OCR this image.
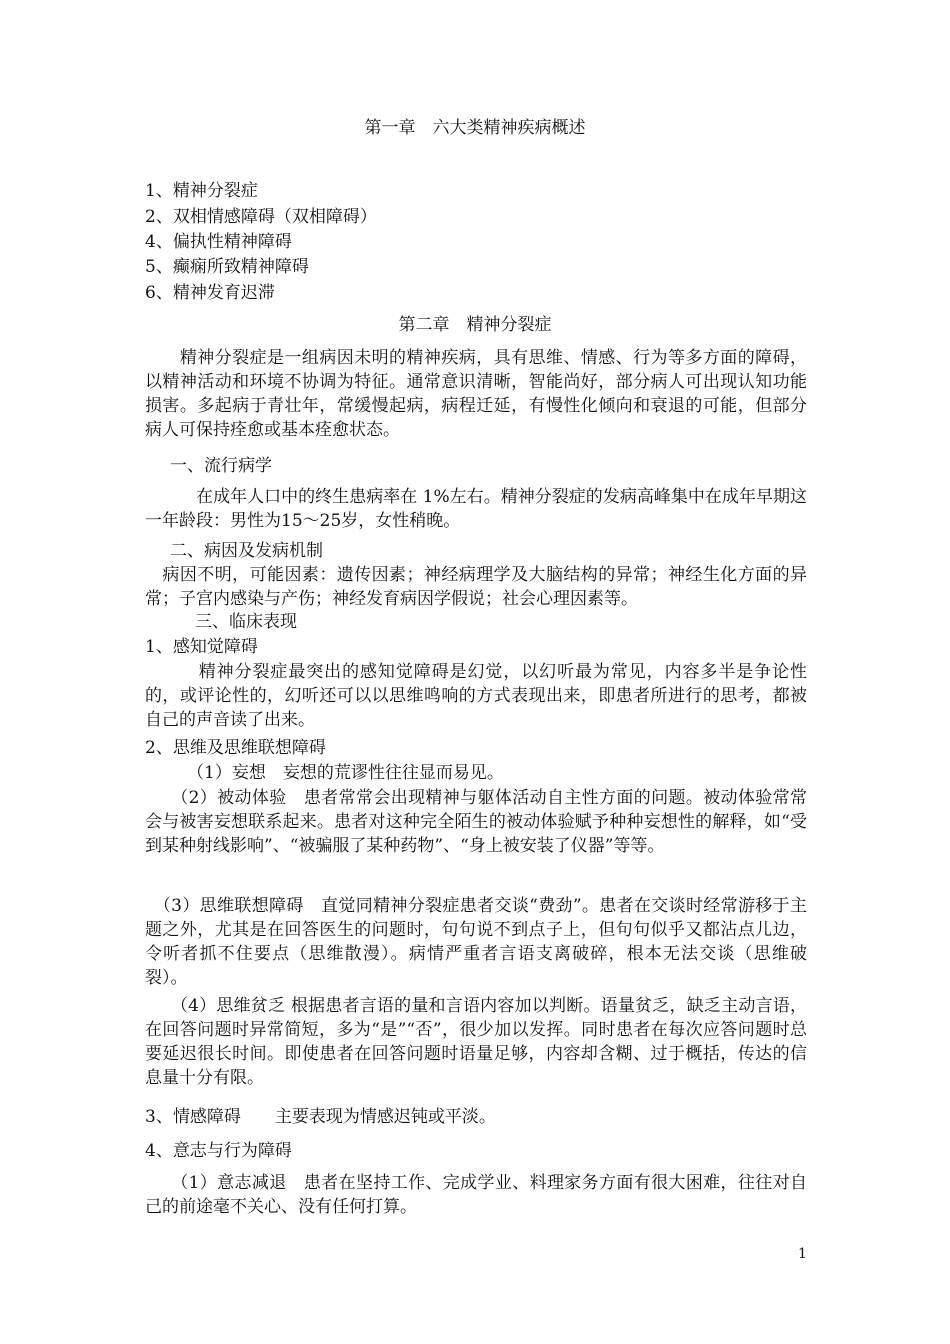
第一章　六大类精神疾病概述
1、精神分裂症
2、双相情感障碍（双相障碍）
4、偏执性精神障碍
5、癫痫所致精神障碍
6、精神发育迟滞
第二章　精神分裂症
　　精神分裂症是一组病因未明的精神疾病，具有思维、情感、行为等多方面的障碍，以精神活动和环境不协调为特征。通常意识清晰，智能尚好，部分病人可出现认知功能损害。多起病于青壮年，常缓慢起病，病程迁延，有慢性化倾向和衰退的可能，但部分病人可保持痊愈或基本痊愈状态。
一、流行病学
　　　在成年人口中的终生患病率在 1%左右。精神分裂症的发病高峰集中在成年早期这一年龄段：男性为15～25岁，女性稍晚。
二、病因及发病机制
　病因不明，可能因素：遗传因素；神经病理学及大脑结构的异常；神经生化方面的异常；子宫内感染与产伤；神经发育病因学假说；社会心理因素等。
三、临床表现
1、感知觉障碍
　　　精神分裂症最突出的感知觉障碍是幻觉，以幻听最为常见，内容多半是争论性的，或评论性的，幻听还可以以思维鸣响的方式表现出来，即患者所进行的思考，都被自己的声音读了出来。
2、思维及思维联想障碍
（1）妄想　妄想的荒谬性往往显而易见。
　　（2）被动体验　患者常常会出现精神与躯体活动自主性方面的问题。被动体验常常会与被害妄想联系起来。患者对这种完全陌生的被动体验赋予种种妄想性的解释，如“受到某种射线影响”、“被骗服了某种药物”、“身上被安装了仪器”等等。
　（3）思维联想障碍　直觉同精神分裂症患者交谈“费劲”。患者在交谈时经常游移于主题之外，尤其是在回答医生的问题时，句句说不到点子上，但句句似乎又都沾点儿边，令听者抓不住要点（思维散漫）。病情严重者言语支离破碎，根本无法交谈（思维破裂）。
　　（4）思维贫乏 根据患者言语的量和言语内容加以判断。语量贫乏，缺乏主动言语，在回答问题时异常简短，多为“是”“否”，很少加以发挥。同时患者在每次应答问题时总要延迟很长时间。即使患者在回答问题时语量足够，内容却含糊、过于概括，传达的信息量十分有限。
3、情感障碍　　主要表现为情感迟钝或平淡。
4、意志与行为障碍
　　（1）意志减退　患者在坚持工作、完成学业、料理家务方面有很大困难，往往对自己的前途毫不关心、没有任何打算。
1
